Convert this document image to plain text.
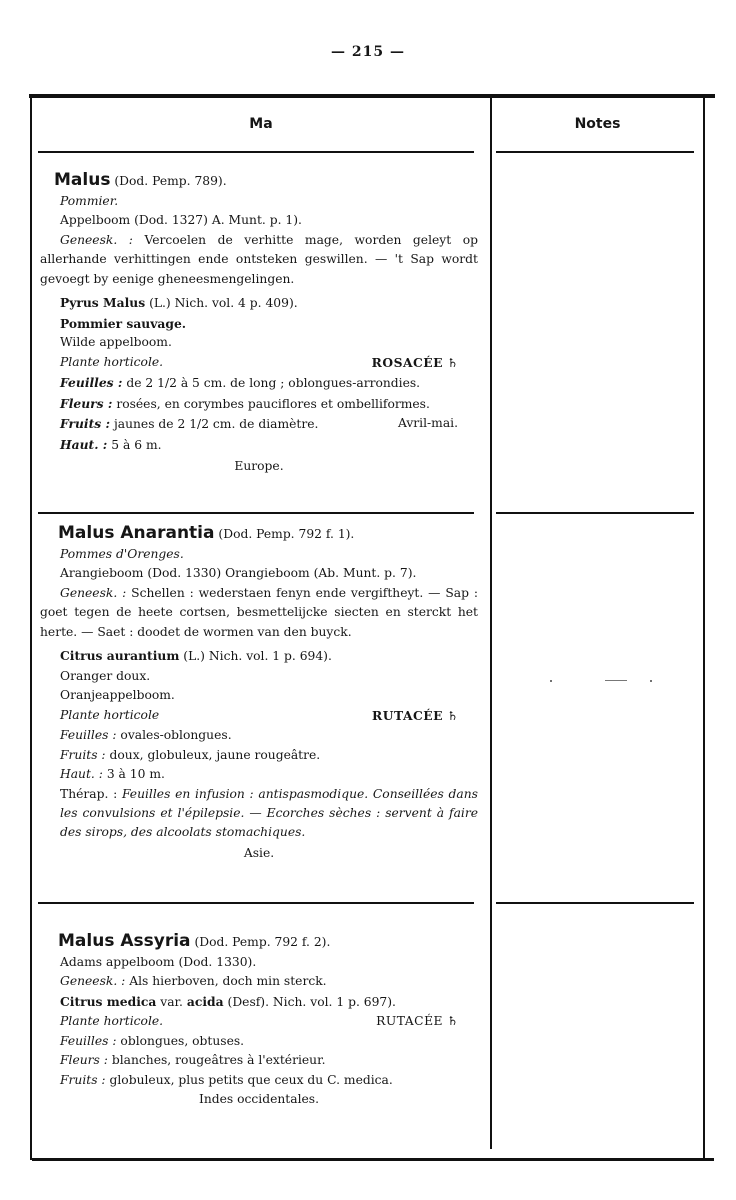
— 215 —
Ma	Notes
Malus (Dod. Pemp. 789).
Pommier.
Appelboom (Dod. 1327) A. Munt. p. 1).
Geneesk. : Vercoelen de verhitte mage, worden geleyt op allerhande verhittingen ende ontsteken geswillen. — 't Sap wordt gevoegt by eenige gheneesmengelingen.
Pyrus Malus (L.) Nich. vol. 4 p. 409).
Pommier sauvage.
Wilde appelboom.
Plante horticole.	ROSACÉE ♄
Feuilles : de 2 1/2 à 5 cm. de long ; oblongues-arrondies.
Fleurs : rosées, en corymbes pauciflores et ombelliformes.
Fruits : jaunes de 2 1/2 cm. de diamètre.	Avril-mai.
Haut. : 5 à 6 m.
Europe.
Malus Anarantia (Dod. Pemp. 792 f. 1).
Pommes d'Orenges.
Arangieboom (Dod. 1330) Orangieboom (Ab. Munt. p. 7).
Geneesk. : Schellen : wederstaen fenyn ende vergiftheyt. — Sap : goet tegen de heete cortsen, besmettelijcke siecten en sterckt het herte. — Saet : doodet de wormen van den buyck.
Citrus aurantium (L.) Nich. vol. 1 p. 694).
Oranger doux.
Oranjeappelboom.
Plante horticole	RUTACÉE ♄
Feuilles : ovales-oblongues.
Fruits : doux, globuleux, jaune rougeâtre.
Haut. : 3 à 10 m.
Thérap. : Feuilles en infusion : antispasmodique. Conseillées dans les convulsions et l'épilepsie. — Ecorches sèches : servent à faire des sirops, des alcoolats stomachiques.
Asie.
Malus Assyria (Dod. Pemp. 792 f. 2).
Adams appelboom (Dod. 1330).
Geneesk. : Als hierboven, doch min sterck.
Citrus medica var. acida (Desf). Nich. vol. 1 p. 697).
Plante horticole.	RUTACÉE ♄
Feuilles : oblongues, obtuses.
Fleurs : blanches, rougeâtres à l'extérieur.
Fruits : globuleux, plus petits que ceux du C. medica.
Indes occidentales.
